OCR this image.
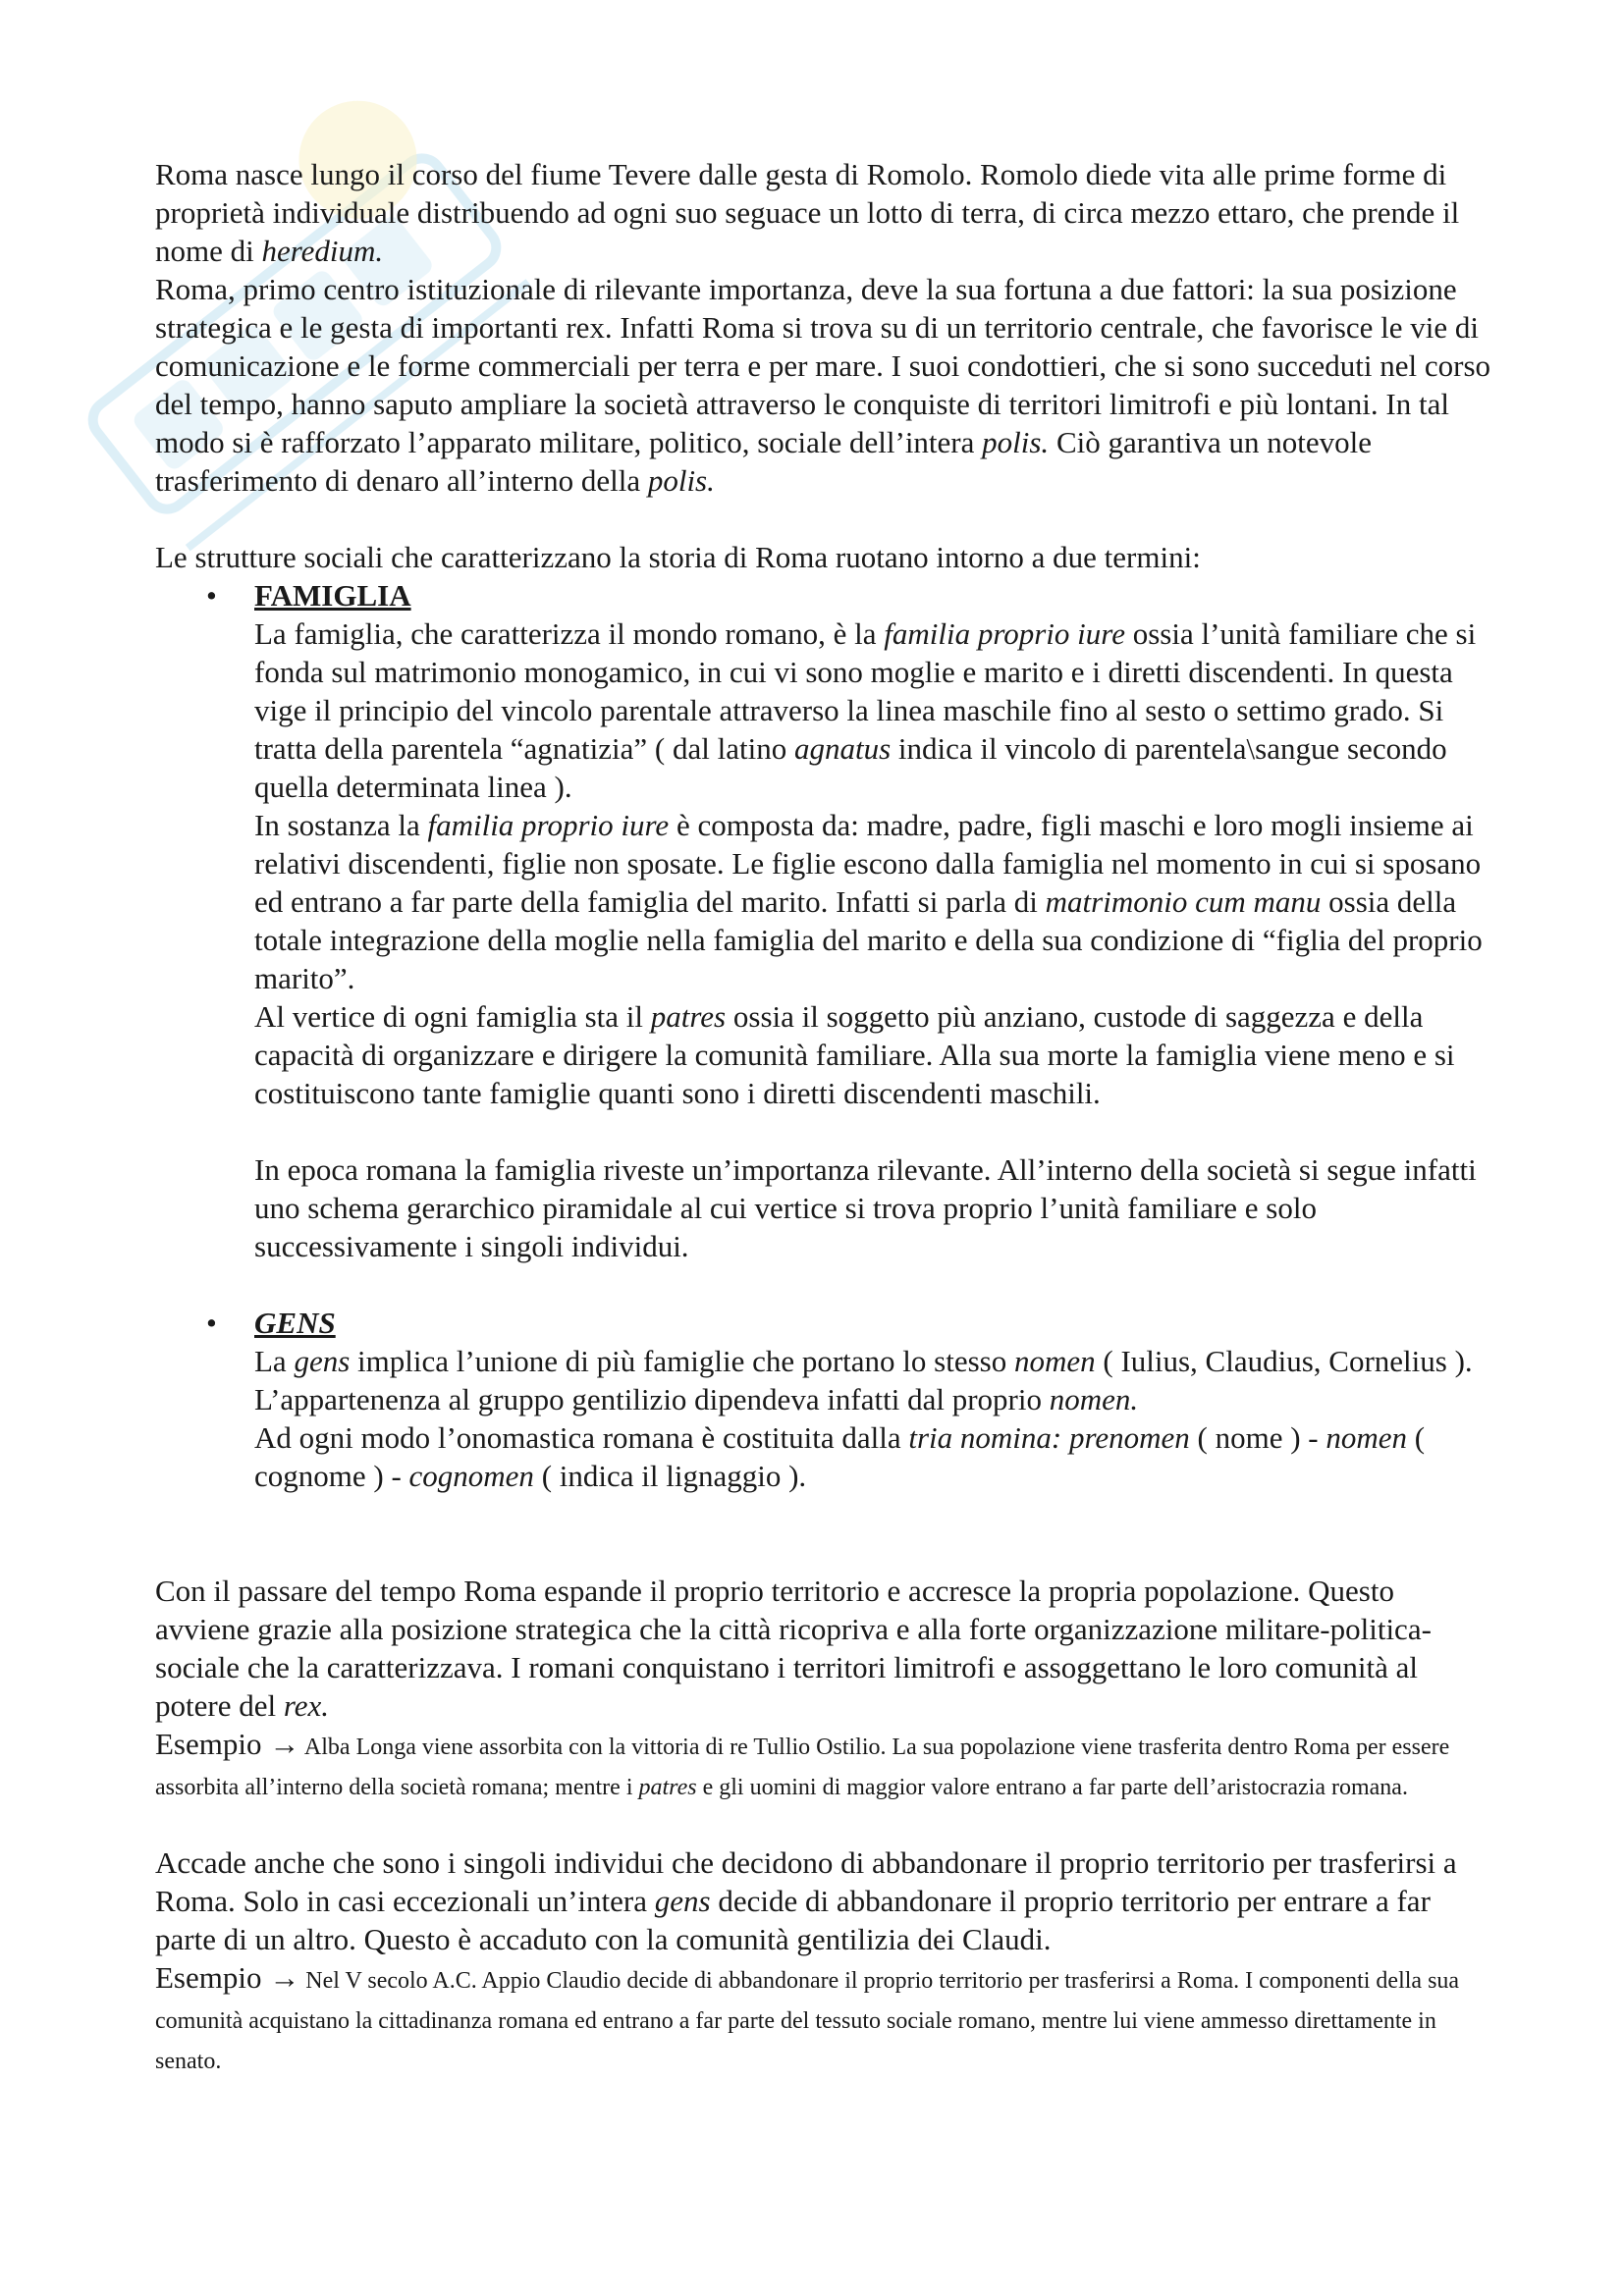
Roma nasce lungo il corso del fiume Tevere dalle gesta di Romolo. Romolo diede vita alle prime forme di proprietà individuale distribuendo ad ogni suo seguace un lotto di terra, di circa mezzo ettaro, che prende il nome di heredium.

Roma, primo centro istituzionale di rilevante importanza, deve la sua fortuna a due fattori: la sua posizione strategica e le gesta di importanti rex. Infatti Roma si trova su di un territorio centrale, che favorisce le vie di comunicazione e le forme commerciali per terra e per mare. I suoi condottieri, che si sono succeduti nel corso del tempo, hanno saputo ampliare la società attraverso le conquiste di territori limitrofi e più lontani. In tal modo si è rafforzato l’apparato militare, politico, sociale dell’intera polis. Ciò garantiva un notevole trasferimento di denaro all’interno della polis.

Le strutture sociali che caratterizzano la storia di Roma ruotano intorno a due termini:

• FAMIGLIA

La famiglia, che caratterizza il mondo romano, è la familia proprio iure ossia l’unità familiare che si fonda sul matrimonio monogamico, in cui vi sono moglie e marito e i diretti discendenti. In questa vige il principio del vincolo parentale attraverso la linea maschile fino al sesto o settimo grado. Si tratta della parentela “agnatizia” ( dal latino agnatus indica il vincolo di parentela\sangue secondo quella determinata linea ).

In sostanza la familia proprio iure è composta da: madre, padre, figli maschi e loro mogli insieme ai relativi discendenti, figlie non sposate. Le figlie escono dalla famiglia nel momento in cui si sposano ed entrano a far parte della famiglia del marito. Infatti si parla di matrimonio cum manu ossia della totale integrazione della moglie nella famiglia del marito e della sua condizione di “figlia del proprio marito”.

Al vertice di ogni famiglia sta il patres ossia il soggetto più anziano, custode di saggezza e della capacità di organizzare e dirigere la comunità familiare. Alla sua morte la famiglia viene meno e si costituiscono tante famiglie quanti sono i diretti discendenti maschili.

In epoca romana la famiglia riveste un’importanza rilevante. All’interno della società si segue infatti uno schema gerarchico piramidale al cui vertice si trova proprio l’unità familiare e solo successivamente i singoli individui.

• GENS

La gens implica l’unione di più famiglie che portano lo stesso nomen ( Iulius, Claudius, Cornelius ). L’appartenenza al gruppo gentilizio dipendeva infatti dal proprio nomen.

Ad ogni modo l’onomastica romana è costituita dalla tria nomina: prenomen ( nome ) - nomen ( cognome ) - cognomen ( indica il lignaggio ).

Con il passare del tempo Roma espande il proprio territorio e accresce la propria popolazione. Questo avviene grazie alla posizione strategica che la città ricopriva e alla forte organizzazione militare-politica-sociale che la caratterizzava. I romani conquistano i territori limitrofi e assoggettano le loro comunità al potere del rex.

Esempio → Alba Longa viene assorbita con la vittoria di re Tullio Ostilio. La sua popolazione viene trasferita dentro Roma per essere assorbita all’interno della società romana; mentre i patres e gli uomini di maggior valore entrano a far parte dell’aristocrazia romana.

Accade anche che sono i singoli individui che decidono di abbandonare il proprio territorio per trasferirsi a Roma. Solo in casi eccezionali un’intera gens decide di abbandonare il proprio territorio per entrare a far parte di un altro. Questo è accaduto con la comunità gentilizia dei Claudi.

Esempio → Nel V secolo A.C. Appio Claudio decide di abbandonare il proprio territorio per trasferirsi a Roma. I componenti della sua comunità acquistano la cittadinanza romana ed entrano a far parte del tessuto sociale romano, mentre lui viene ammesso direttamente in senato.
